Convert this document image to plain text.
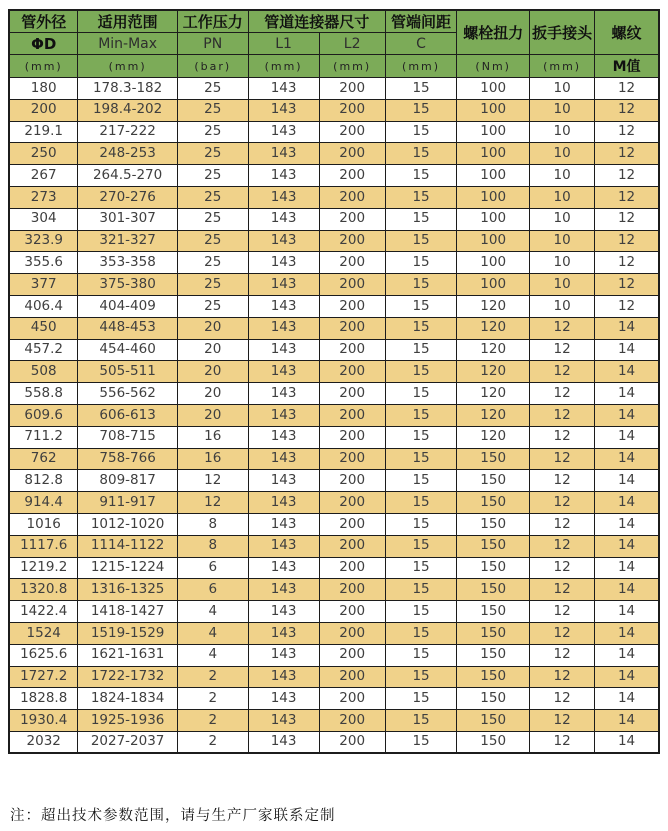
管外径	适用范围	工作压力	管道连接器尺寸		管端间距	螺栓扭力	扳手接头	螺纹
ΦD	Min-Max	PN	L1	L2	C			
(mm)	(mm)	(bar)	(mm)	(mm)	(mm)	(Nm)	(mm)	M值
180	178.3-182	25	143	200	15	100	10	12
200	198.4-202	25	143	200	15	100	10	12
219.1	217-222	25	143	200	15	100	10	12
250	248-253	25	143	200	15	100	10	12
267	264.5-270	25	143	200	15	100	10	12
273	270-276	25	143	200	15	100	10	12
304	301-307	25	143	200	15	100	10	12
323.9	321-327	25	143	200	15	100	10	12
355.6	353-358	25	143	200	15	100	10	12
377	375-380	25	143	200	15	100	10	12
406.4	404-409	25	143	200	15	120	10	12
450	448-453	20	143	200	15	120	12	14
457.2	454-460	20	143	200	15	120	12	14
508	505-511	20	143	200	15	120	12	14
558.8	556-562	20	143	200	15	120	12	14
609.6	606-613	20	143	200	15	120	12	14
711.2	708-715	16	143	200	15	120	12	14
762	758-766	16	143	200	15	150	12	14
812.8	809-817	12	143	200	15	150	12	14
914.4	911-917	12	143	200	15	150	12	14
1016	1012-1020	8	143	200	15	150	12	14
1117.6	1114-1122	8	143	200	15	150	12	14
1219.2	1215-1224	6	143	200	15	150	12	14
1320.8	1316-1325	6	143	200	15	150	12	14
1422.4	1418-1427	4	143	200	15	150	12	14
1524	1519-1529	4	143	200	15	150	12	14
1625.6	1621-1631	4	143	200	15	150	12	14
1727.2	1722-1732	2	143	200	15	150	12	14
1828.8	1824-1834	2	143	200	15	150	12	14
1930.4	1925-1936	2	143	200	15	150	12	14
2032	2027-2037	2	143	200	15	150	12	14
注：超出技术参数范围，请与生产厂家联系定制
